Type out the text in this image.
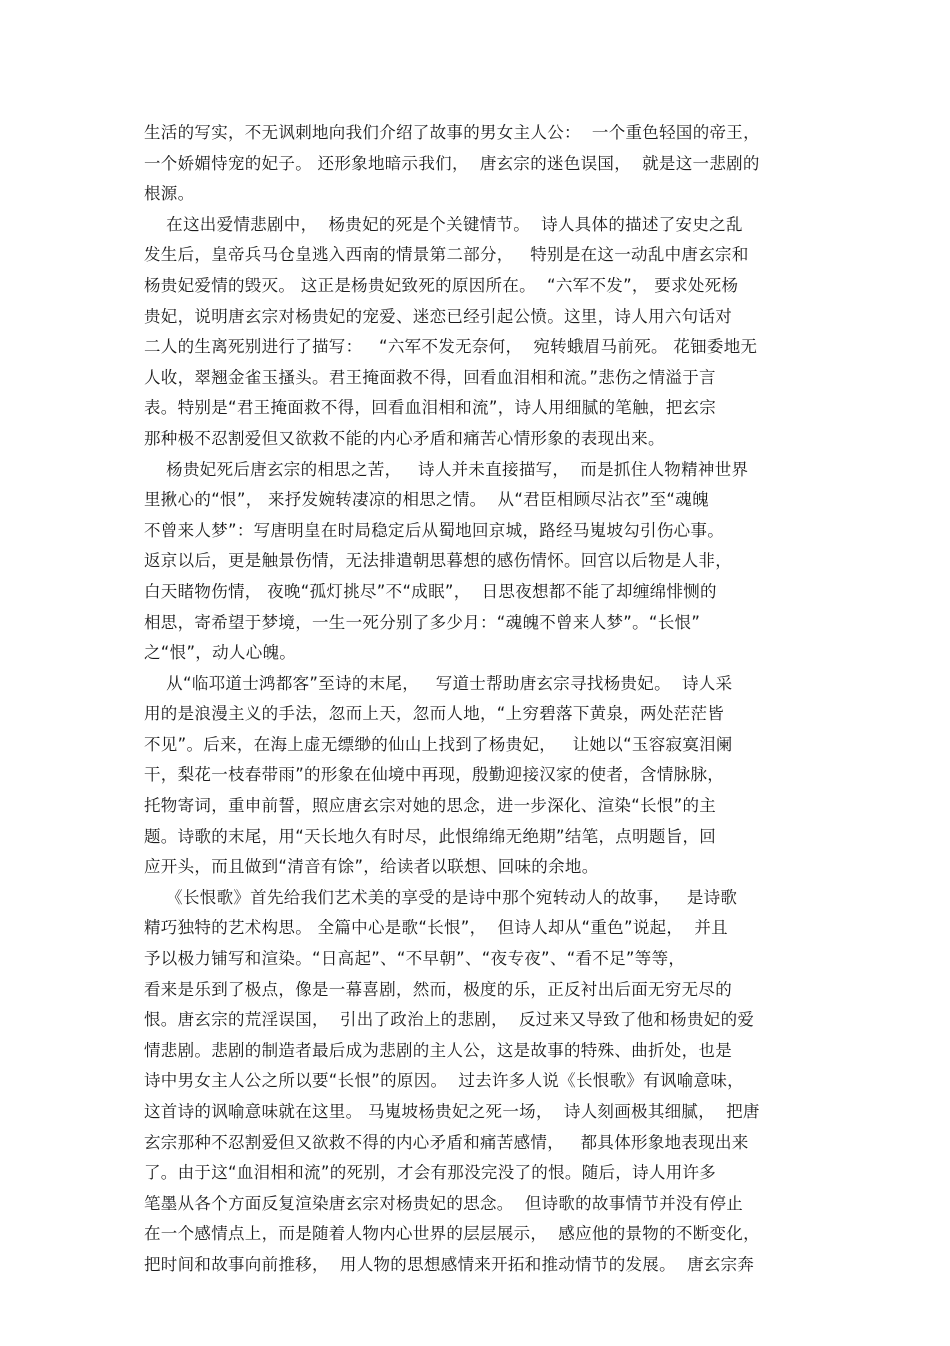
生活的写实，不无讽刺地向我们介绍了故事的男女主人公：  一个重色轻国的帝王，
一个娇媚恃宠的妃子。 还形象地暗示我们，  唐玄宗的迷色误国，  就是这一悲剧的
根源。
在这出爱情悲剧中，  杨贵妃的死是个关键情节。  诗人具体的描述了安史之乱
发生后，皇帝兵马仓皇逃入西南的情景第二部分，   特别是在这一动乱中唐玄宗和
杨贵妃爱情的毁灭。 这正是杨贵妃致死的原因所在。  “六军不发”， 要求处死杨
贵妃，说明唐玄宗对杨贵妃的宠爱、迷恋已经引起公愤。这里，诗人用六句话对
二人的生离死别进行了描写：   “六军不发无奈何，  宛转蛾眉马前死。 花钿委地无
人收，翠翘金雀玉搔头。君王掩面救不得，回看血泪相和流。”悲伤之情溢于言
表。特别是“君王掩面救不得，回看血泪相和流”，诗人用细腻的笔触，把玄宗
那种极不忍割爱但又欲救不能的内心矛盾和痛苦心情形象的表现出来。
杨贵妃死后唐玄宗的相思之苦，   诗人并未直接描写，  而是抓住人物精神世界
里揪心的“恨”， 来抒发婉转凄凉的相思之情。  从“君臣相顾尽沾衣”至“魂魄
不曾来人梦”：写唐明皇在时局稳定后从蜀地回京城，路经马嵬坡勾引伤心事。
返京以后，更是触景伤情，无法排遣朝思暮想的感伤情怀。回宫以后物是人非，
白天睹物伤情， 夜晚“孤灯挑尽”不“成眠”，  日思夜想都不能了却缠绵悱恻的
相思，寄希望于梦境，一生一死分别了多少月：“魂魄不曾来人梦”。“长恨”
之“恨”，动人心魄。
从“临邛道士鸿都客”至诗的末尾，   写道士帮助唐玄宗寻找杨贵妃。  诗人采
用的是浪漫主义的手法，忽而上天，忽而人地，“上穷碧落下黄泉，两处茫茫皆
不见”。后来，在海上虚无缥缈的仙山上找到了杨贵妃，   让她以“玉容寂寞泪阑
干，梨花一枝春带雨”的形象在仙境中再现，殷勤迎接汉家的使者，含情脉脉，
托物寄词，重申前誓，照应唐玄宗对她的思念，进一步深化、渲染“长恨”的主
题。诗歌的末尾，用“天长地久有时尽，此恨绵绵无绝期”结笔，点明题旨，回
应开头，而且做到“清音有馀”，给读者以联想、回味的余地。
《长恨歌》首先给我们艺术美的享受的是诗中那个宛转动人的故事，   是诗歌
精巧独特的艺术构思。 全篇中心是歌“长恨”，  但诗人却从“重色”说起，  并且
予以极力铺写和渲染。“日高起”、“不早朝”、“夜专夜”、“看不足”等等，
看来是乐到了极点，像是一幕喜剧，然而，极度的乐，正反衬出后面无穷无尽的
恨。唐玄宗的荒淫误国，  引出了政治上的悲剧，  反过来又导致了他和杨贵妃的爱
情悲剧。悲剧的制造者最后成为悲剧的主人公，这是故事的特殊、曲折处，也是
诗中男女主人公之所以要“长恨”的原因。  过去许多人说《长恨歌》有讽喻意味，
这首诗的讽喻意味就在这里。 马嵬坡杨贵妃之死一场，  诗人刻画极其细腻，  把唐
玄宗那种不忍割爱但又欲救不得的内心矛盾和痛苦感情，   都具体形象地表现出来
了。由于这“血泪相和流”的死别，才会有那没完没了的恨。随后，诗人用许多
笔墨从各个方面反复渲染唐玄宗对杨贵妃的思念。  但诗歌的故事情节并没有停止
在一个感情点上，而是随着人物内心世界的层层展示，  感应他的景物的不断变化，
把时间和故事向前推移，  用人物的思想感情来开拓和推动情节的发展。  唐玄宗奔
